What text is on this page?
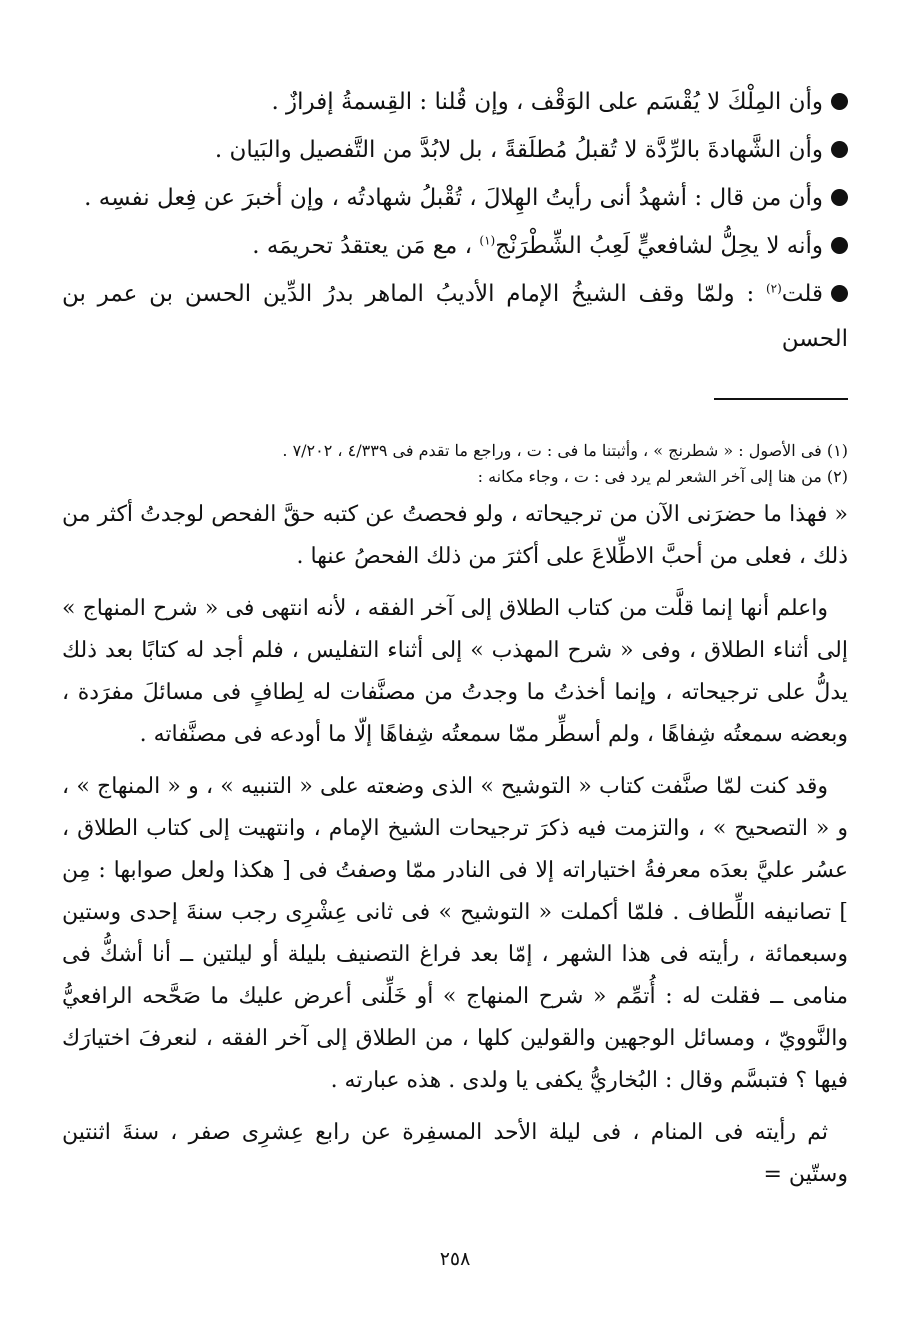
وأن المِلْكَ لا يُقْسَم على الوَقْف ، وإن قُلنا : القِسمةُ إفرازٌ .

وأن الشَّهادةَ بالرِّدَّة لا تُقبلُ مُطلَقةً ، بل لابُدَّ من التَّفصيل والبَيان .

وأن من قال : أشهدُ أنى رأيتُ الهِلالَ ، تُقْبلُ شهادتُه ، وإن أخبرَ عن فِعل نفسِه .

وأنه لا يحِلُّ لشافعيٍّ لَعِبُ الشِّطْرَنْج$^{(١)}$ ، مع مَن يعتقدُ تحريمَه .

قلت$^{(٢)}$ : ولمّا وقف الشيخُ الإمام الأديبُ الماهر بدرُ الدِّين الحسن بن عمر بن الحسن

(١) فى الأصول : « شطرنج » ، وأثبتنا ما فى : ت ، وراجع ما تقدم فى ٤/٣٣٩ ، ٧/٢٠٢ .

(٢) من هنا إلى آخر الشعر لم يرد فى : ت ، وجاء مكانه :

« فهذا ما حضرَنى الآن من ترجيحاته ، ولو فحصتُ عن كتبه حقَّ الفحص لوجدتُ أكثر من ذلك ، فعلى من أحبَّ الاطِّلاعَ على أكثرَ من ذلك الفحصُ عنها .

واعلم أنها إنما قلَّت من كتاب الطلاق إلى آخر الفقه ، لأنه انتهى فى « شرح المنهاج » إلى أثناء الطلاق ، وفى « شرح المهذب » إلى أثناء التفليس ، فلم أجد له كتابًا بعد ذلك يدلُّ على ترجيحاته ، وإنما أخذتُ ما وجدتُ من مصنَّفات له لِطافٍ فى مسائلَ مفرَدة ، وبعضه سمعتُه شِفاهًا ، ولم أسطِّر ممّا سمعتُه شِفاهًا إلّا ما أودعه فى مصنَّفاته .

وقد كنت لمّا صنَّفت كتاب « التوشيح » الذى وضعته على « التنبيه » ، و « المنهاج » ، و « التصحيح » ، والتزمت فيه ذكرَ ترجيحات الشيخ الإمام ، وانتهيت إلى كتاب الطلاق ، عسُر عليَّ بعدَه معرفةُ اختياراته إلا فى النادر ممّا وصفتُ فى [ هكذا ولعل صوابها : مِن ] تصانيفه اللِّطاف . فلمّا أكملت « التوشيح » فى ثانى عِشْرِى رجب سنةَ إحدى وستين وسبعمائة ، رأيته فى هذا الشهر ، إمّا بعد فراغ التصنيف بليلة أو ليلتين ــ أنا أشكُّ فى منامى ــ فقلت له : أُتمِّم « شرح المنهاج » أو خَلِّنى أعرض عليك ما صَحَّحه الرافعيُّ والنَّوويّ ، ومسائل الوجهين والقولين كلها ، من الطلاق إلى آخر الفقه ، لنعرفَ اختيارَك فيها ؟ فتبسَّم وقال : البُخاريُّ يكفى يا ولدى . هذه عبارته .

ثم رأيته فى المنام ، فى ليلة الأحد المسفِرة عن رابع عِشرِى صفر ، سنةَ اثنتين وستّين =

٢٥٨
